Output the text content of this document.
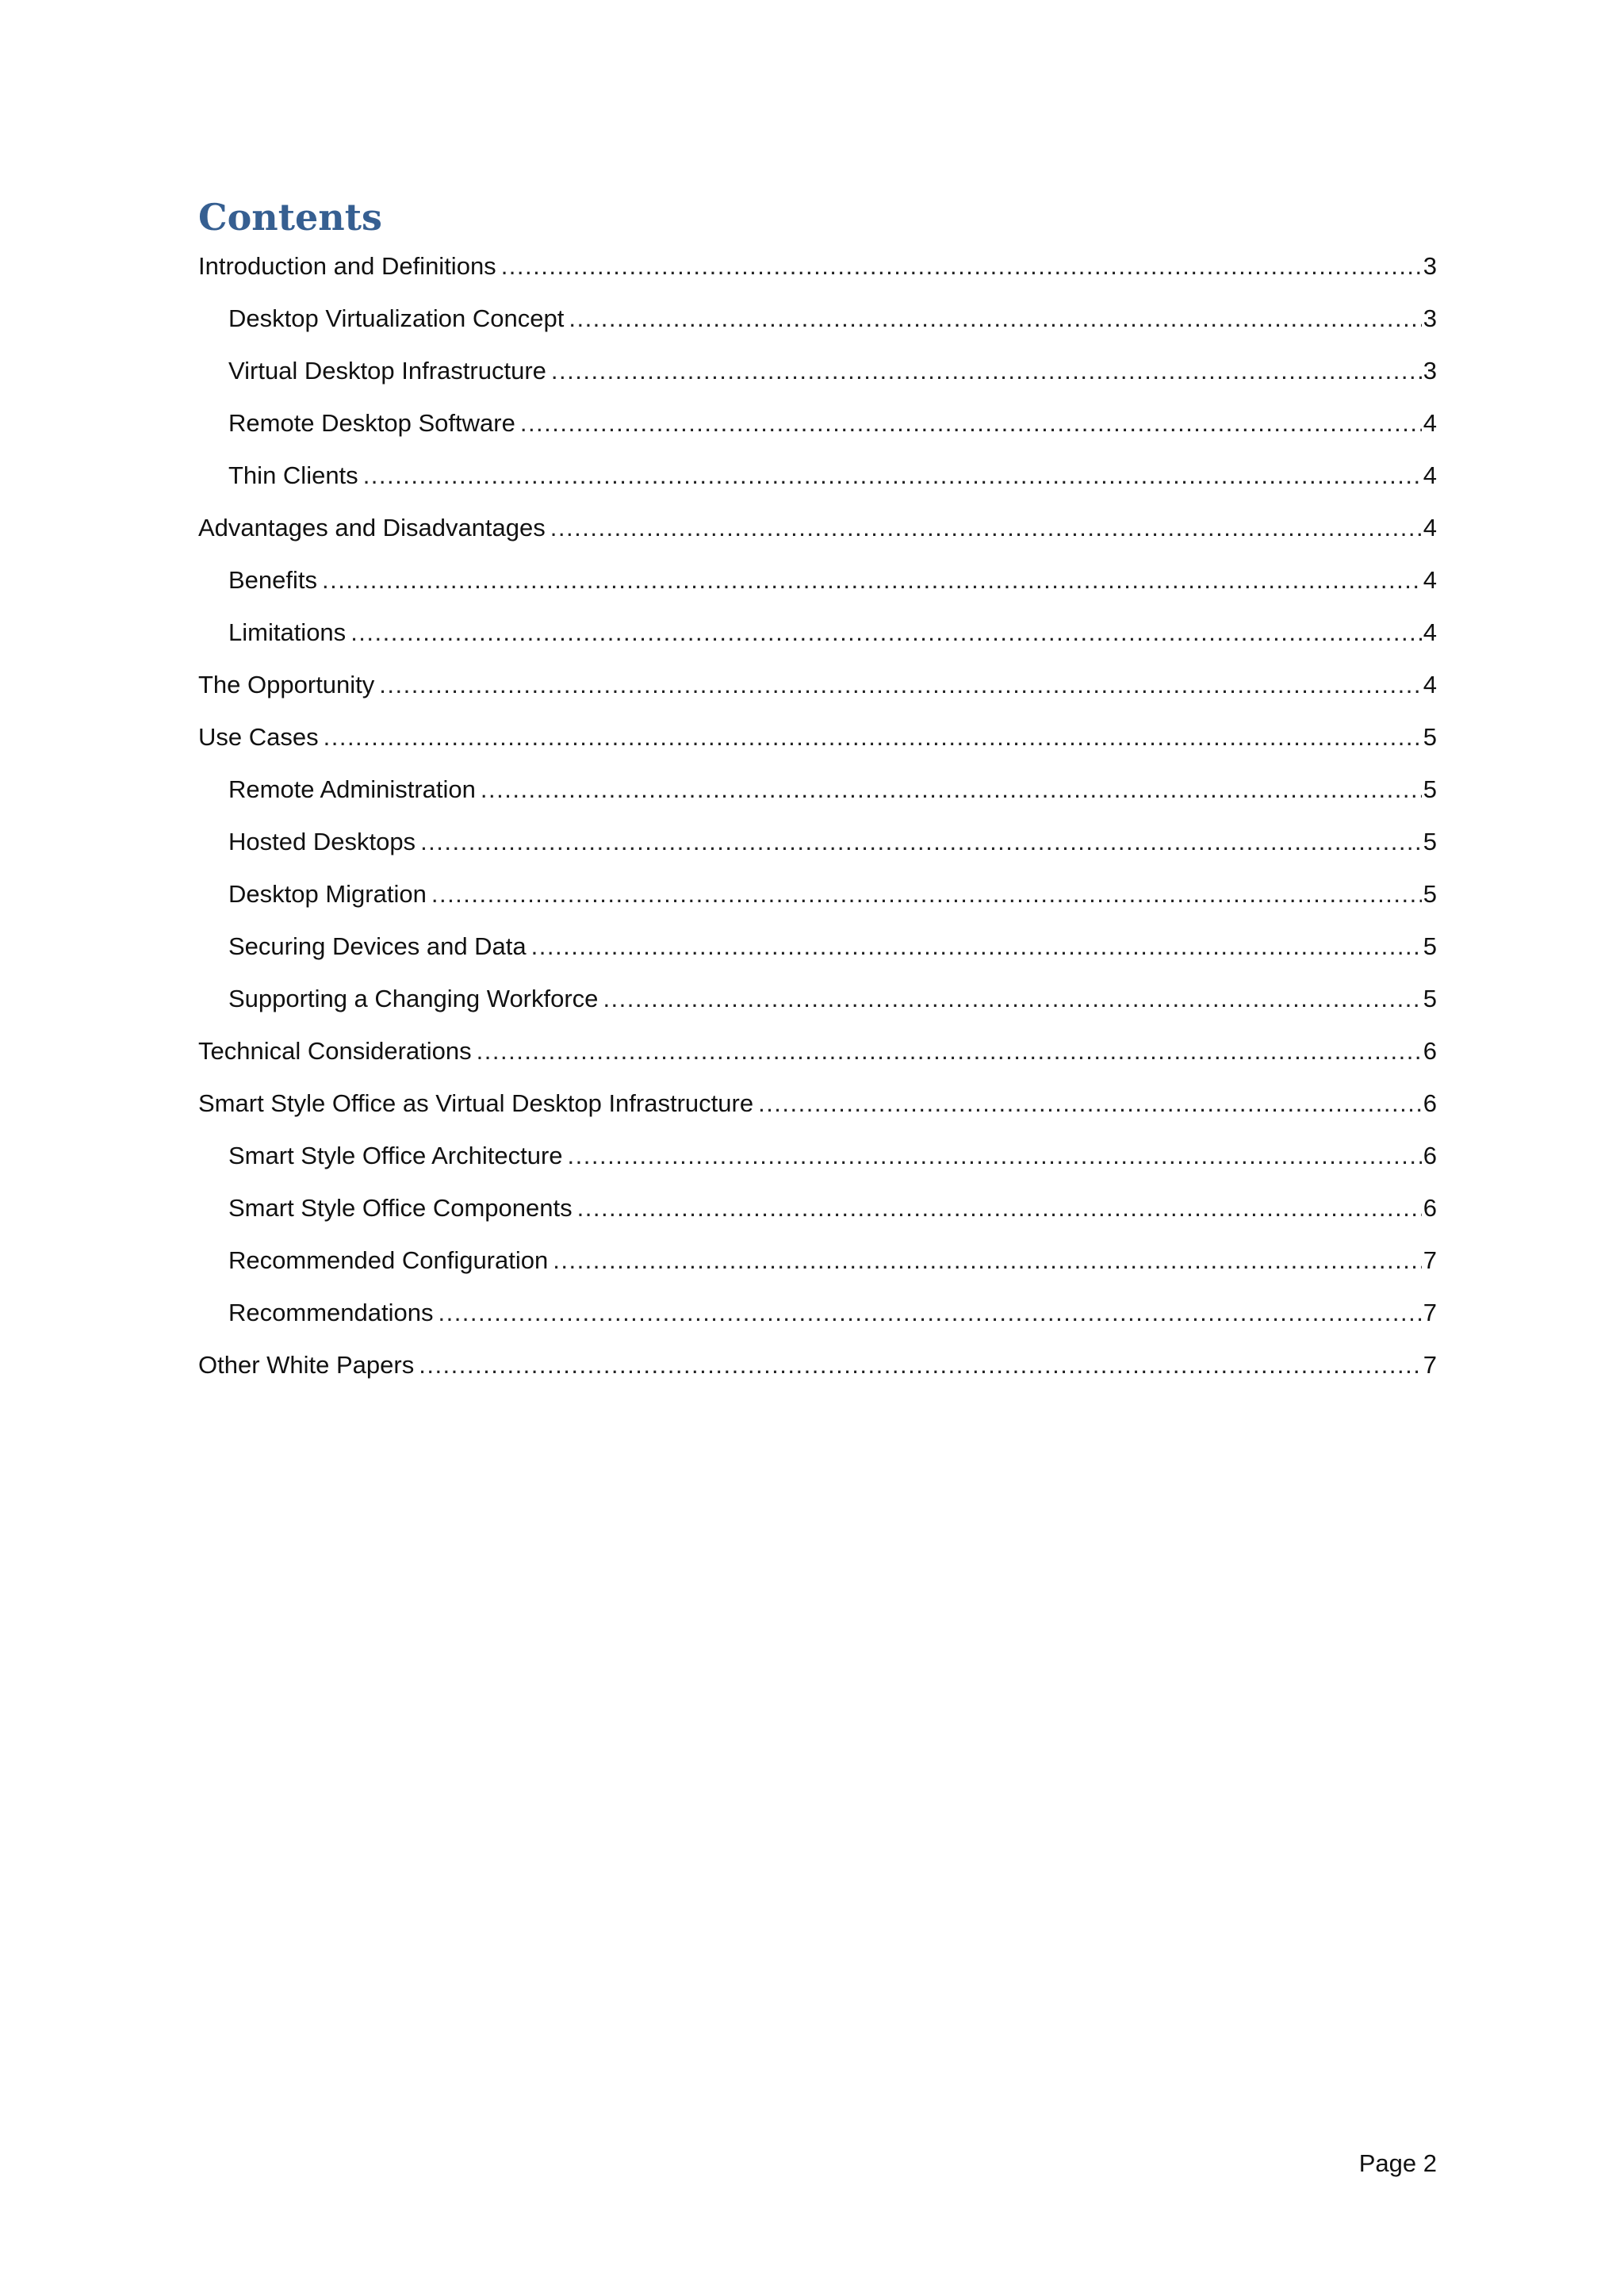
Contents
Introduction and Definitions .....	3
Desktop Virtualization Concept .....	3
Virtual Desktop Infrastructure .....	3
Remote Desktop Software .....	4
Thin Clients .....	4
Advantages and Disadvantages .....	4
Benefits .....	4
Limitations .....	4
The Opportunity .....	4
Use Cases .....	5
Remote Administration .....	5
Hosted Desktops .....	5
Desktop Migration .....	5
Securing Devices and Data .....	5
Supporting a Changing Workforce .....	5
Technical Considerations .....	6
Smart Style Office as Virtual Desktop Infrastructure .....	6
Smart Style Office Architecture .....	6
Smart Style Office Components .....	6
Recommended Configuration .....	7
Recommendations .....	7
Other White Papers .....	7
Page 2
